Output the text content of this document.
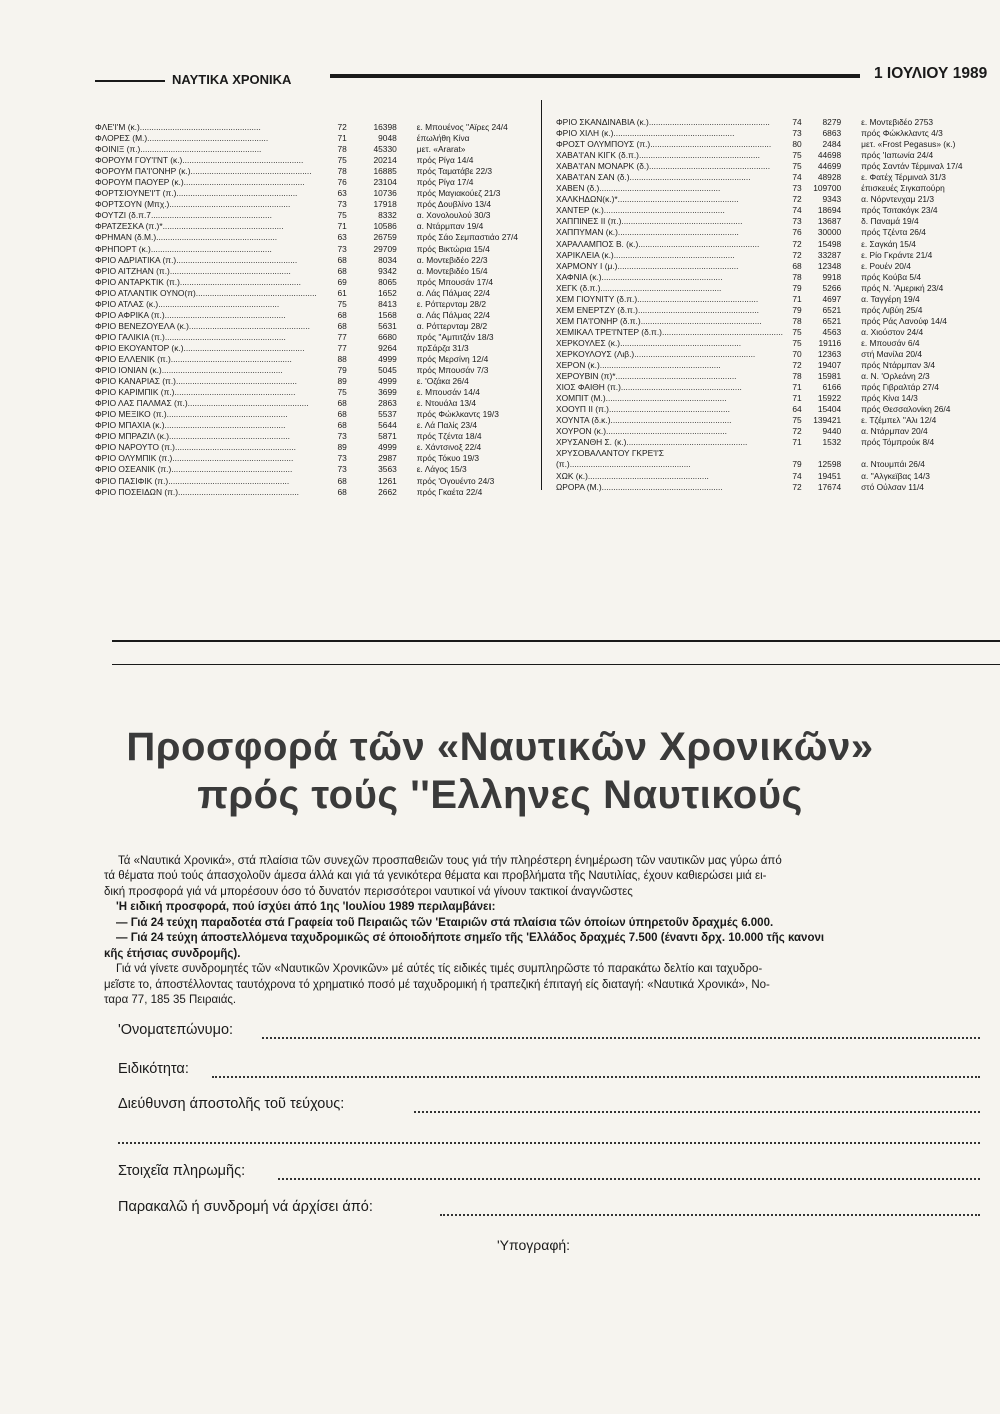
ΝΑΥΤΙΚΑ ΧΡΟΝΙΚΑ	1 ΙΟΥΛΙΟΥ 1989
ΦΛΕ'Ι'Μ (κ.)....................................................	72	16398	ε. Μπουένος ''Αϊρες 24/4
ΦΛΟΡΕΣ (Μ.)....................................................	71	9048	έπωλήθη Κίνα
ΦΟΙΝΙΞ (π.)....................................................	78	45330	μετ. «Ararat»
ΦΟΡΟΥΜ ΓΟΥ'Ι'ΝΤ (κ.)....................................................	75	20214	πρός Ρίγα 14/4
ΦΟΡΟΥΜ ΠΑ'Ι'ΟΝΗΡ (κ.)....................................................	78	16885	πρός Ταματάβε 22/3
ΦΟΡΟΥΜ ΠΑΟΥΕΡ (κ.)....................................................	76	23104	πρός Ρίγα 17/4
ΦΟΡΤΣΙΟΥΝΕ'Ι'Τ (π.)....................................................	63	10736	πρός Μαγιακούεζ 21/3
ΦΟΡΤΣΟΥΝ (Μπχ.)....................................................	73	17918	πρός Δουβλίνο 13/4
ΦΟΥΤΖΙ (δ.π.7....................................................	75	8332	α. Χονολουλού 30/3
ΦΡΑΤΖΕΣΚΑ (π.)*....................................................	71	10586	α. Ντάρμπαν 19/4
ΦΡΗΜΑΝ (δ.Μ.)....................................................	63	26759	πρός Σάο Σεμπαστιάο 27/4
ΦΡΗΠΟΡΤ (κ.)....................................................	73	29709	πρός Βικτώρια 15/4
ΦΡΙΟ ΑΔΡΙΑΤΙΚΑ (π.)....................................................	68	8034	α. Μοντεβιδέο 22/3
ΦΡΙΟ ΑΙΤΖΗΑΝ (π.)....................................................	68	9342	α. Μοντεβιδέο 15/4
ΦΡΙΟ ΑΝΤΑΡΚΤΙΚ (π.)....................................................	69	8065	πρός Μπουσάν 17/4
ΦΡΙΟ ΑΤΛΑΝΤΙΚ ΟΥΝΟ(π)....................................................	61	1652	α. Λάς Πάλμας 22/4
ΦΡΙΟ ΑΤΛΑΣ (κ.)....................................................	75	8413	ε. Ρόττερνταμ 28/2
ΦΡΙΟ ΑΦΡΙΚΑ (π.)....................................................	68	1568	α. Λάς Πάλμας 22/4
ΦΡΙΟ ΒΕΝΕΖΟΥΕΛΑ (κ.)....................................................	68	5631	α. Ρόττερνταμ 28/2
ΦΡΙΟ ΓΑΛΙΚΙΑ (π.)....................................................	77	6680	πρός ''Αμπιτζάν 18/3
ΦΡΙΟ ΕΚΟΥΑΝΤΟΡ (κ.)....................................................	77	9264	πρΣάρζα 31/3
ΦΡΙΟ ΕΛΛΕΝΙΚ (π.)....................................................	88	4999	πρός Μερσίνη 12/4
ΦΡΙΟ ΙΟΝΙΑΝ (κ.)....................................................	79	5045	πρός Μπουσάν 7/3
ΦΡΙΟ ΚΑΝΑΡΙΑΣ (π.)....................................................	89	4999	ε. 'Οζάκα 26/4
ΦΡΙΟ ΚΑΡΙΜΠΙΚ (π.)....................................................	75	3699	ε. Μπουσάν 14/4
ΦΡΙΟ ΛΑΣ ΠΑΛΜΑΣ (π.)....................................................	68	2863	ε. Ντουάλα 13/4
ΦΡΙΟ ΜΕΞΙΚΟ (π.)....................................................	68	5537	πρός Φώκλκαντς 19/3
ΦΡΙΟ ΜΠΑΧΙΑ (κ.)....................................................	68	5644	ε. Λά Παλίς 23/4
ΦΡΙΟ ΜΠΡΑΖΙΛ (κ.)....................................................	73	5871	πρός Τζέντα 18/4
ΦΡΙΟ ΝΑΡΟΥΤΟ (π.)....................................................	89	4999	ε. Χάντσινοξ 22/4
ΦΡΙΟ ΟΛΥΜΠΙΚ (π.)....................................................	73	2987	πρός Τόκυο 19/3
ΦΡΙΟ ΟΣΕΑΝΙΚ (π.)....................................................	73	3563	ε. Λάγος 15/3
ΦΡΙΟ ΠΑΣΙΦΙΚ (π.)....................................................	68	1261	πρός 'Ογουέντο 24/3
ΦΡΙΟ ΠΟΣΕΙΔΩΝ (π.)....................................................	68	2662	πρός Γκαέτα 22/4
ΦΡΙΟ ΣΚΑΝΔΙΝΑΒΙΑ (κ.)....................................................	74	8279	ε. Μοντεβιδέο 2753
ΦΡΙΟ ΧΙΛΗ (κ.)....................................................	73	6863	πρός Φώκλκλαντς 4/3
ΦΡΟΣΤ ΟΛΥΜΠΟΥΣ (π.)....................................................	80	2484	μετ. «Frost Pegasus» (κ.)
ΧΑΒΑ'Ι'ΑΝ ΚΙΓΚ (δ.π.)....................................................	75	44698	πρός 'Ιαπωνία 24/4
ΧΑΒΑ'Ι'ΑΝ ΜΟΝΑΡΚ (δ.)....................................................	75	44699	πρός Σαντάν Τέρμιναλ 17/4
ΧΑΒΑ'Ι'ΑΝ ΣΑΝ (δ.)....................................................	74	48928	ε. Φατέχ Τέρμιναλ 31/3
ΧΑΒΕΝ (δ.)....................................................	73	109700	έπισκευές Σιγκαπούρη
ΧΑΛΚΗΔΩΝ(κ.)*....................................................	72	9343	α. Νόρντενχαμ 21/3
ΧΑΝΤΕΡ (κ.)....................................................	74	18694	πρός Τσιτακόγκ 23/4
ΧΑΠΠΙΝΕΣ ΙΙ (π.)....................................................	73	13687	δ. Παναμά 19/4
ΧΑΠΠΥΜΑΝ (κ.)....................................................	76	30000	πρός Τζέντα 26/4
ΧΑΡΑΛΑΜΠΟΣ Β. (κ.)....................................................	72	15498	ε. Σαγκάη 15/4
ΧΑΡΙΚΛΕΙΑ (κ.)....................................................	72	33287	ε. Ρίο Γκράντε 21/4
ΧΑΡΜΟΝΥ Ι (μ.)....................................................	68	12348	ε. Ρουέν 20/4
ΧΑΦΝΙΑ (κ.)....................................................	78	9918	πρός Κούβα 5/4
ΧΕΓΚ (δ.π.)....................................................	79	5266	πρός Ν. 'Αμερική 23/4
ΧΕΜ ΓΙΟΥΝΙΤΥ (δ.π.)....................................................	71	4697	α. Ταγγέρη 19/4
ΧΕΜ ΕΝΕΡΤΖΥ (δ.π.)....................................................	79	6521	πρός Λιβύη 25/4
ΧΕΜ ΠΑ'Ι'ΟΝΗΡ (δ.π.)....................................................	78	6521	πρός Ράς Λανούφ 14/4
ΧΕΜΙΚΑΛ ΤΡΕ'Ι'ΝΤΕΡ (δ.π.)....................................................	75	4563	α. Χιούστον 24/4
ΧΕΡΚΟΥΛΕΣ (κ.)....................................................	75	19116	ε. Μπουσάν 6/4
ΧΕΡΚΟΥΛΟΥΣ (Λιβ.)....................................................	70	12363	στή Μανίλα 20/4
ΧΕΡΟΝ (κ.)....................................................	72	19407	πρός Ντάρμπαν 3/4
ΧΕΡΟΥΒΙΝ (π)*....................................................	78	15981	α. Ν. 'Ορλεάνη 2/3
ΧΙΟΣ ΦΑΙΘΗ (π.)....................................................	71	6166	πρός Γιβραλτάρ 27/4
ΧΟΜΠΙΤ (Μ.)....................................................	71	15922	πρός Κίνα 14/3
ΧΟΟΥΠ ΙΙ (π.)....................................................	64	15404	πρός Θεσσαλονίκη 26/4
ΧΟΥΝΤΑ (δ.κ.)....................................................	75	139421	ε. Τζέμπελ ''Αλι 12/4
ΧΟΥΡΟΝ (κ.)....................................................	72	9440	α. Ντάρμπαν 20/4
ΧΡΥΣΑΝΘΗ Σ. (κ.)....................................................	71	1532	πρός Τόμπρούκ 8/4
ΧΡΥΣΟΒΑΛΑΝΤΟΥ ΓΚΡΕ'Ι'Σ			
(π.)....................................................	79	12598	α. Ντουμπάι 26/4
ΧΩΚ (κ.)....................................................	74	19451	α. ''Αλγκεϊβας 14/3
ΩΡΟΡΑ (Μ.)....................................................	72	17674	στό Ούλσαν 11/4
Προσφορά τῶν «Ναυτικῶν Χρονικῶν»
πρός τούς ''Ελληνες Ναυτικούς
Τά «Ναυτικά Χρονικά», στά πλαίσια τῶν συνεχῶν προσπαθειῶν τους γιά τήν πληρέστερη ένημέρωση τῶν ναυτικῶν μας γύρω άπό
τά θέματα πού τούς άπασχολοῦν άμεσα άλλά και γιά τά γενικότερα θέματα και προβλήματα τῆς Ναυτιλίας, έχουν καθιερώσει μιά ει-
δική προσφορά γιά νά μπορέσουν όσο τό δυνατόν περισσότεροι ναυτικοί νά γίνουν τακτικοί άναγνῶστες
'Η ειδική προσφορά, πού ίσχύει άπό 1ης 'Ιουλίου 1989 περιλαμβάνει:
— Γιά 24 τεύχη παραδοτέα στά Γραφεία τοῦ Πειραιῶς τῶν 'Εταιριῶν στά πλαίσια τῶν όποίων ύπηρετοῦν δραχμές 6.000.
— Γιά 24 τεύχη άποστελλόμενα ταχυδρομικῶς σέ όποιοδήποτε σημεῖο τῆς 'Ελλάδος δραχμές 7.500 (έναντι δρχ. 10.000 τῆς κανονι
κῆς έτήσιας συνδρομῆς).
Γιά νά γίνετε συνδρομητές τῶν «Ναυτικῶν Χρονικῶν» μέ αύτές τίς ειδικές τιμές συμπληρῶστε τό παρακάτω δελτίο και ταχυδρο-
μεῖστε το, άποστέλλοντας ταυτόχρονα τό χρηματικό ποσό μέ ταχυδρομική ή τραπεζική έπιταγή είς διαταγή: «Ναυτικά Χρονικά», Νο-
ταρα 77, 185 35 Πειραιάς.
'Ονοματεπώνυμο:
Ειδικότητα:
Διεύθυνση άποστολῆς τοῦ τεύχους:
Στοιχεῖα πληρωμῆς:
Παρακαλῶ ή συνδρομή νά άρχίσει άπό:
'Υπογραφή:
